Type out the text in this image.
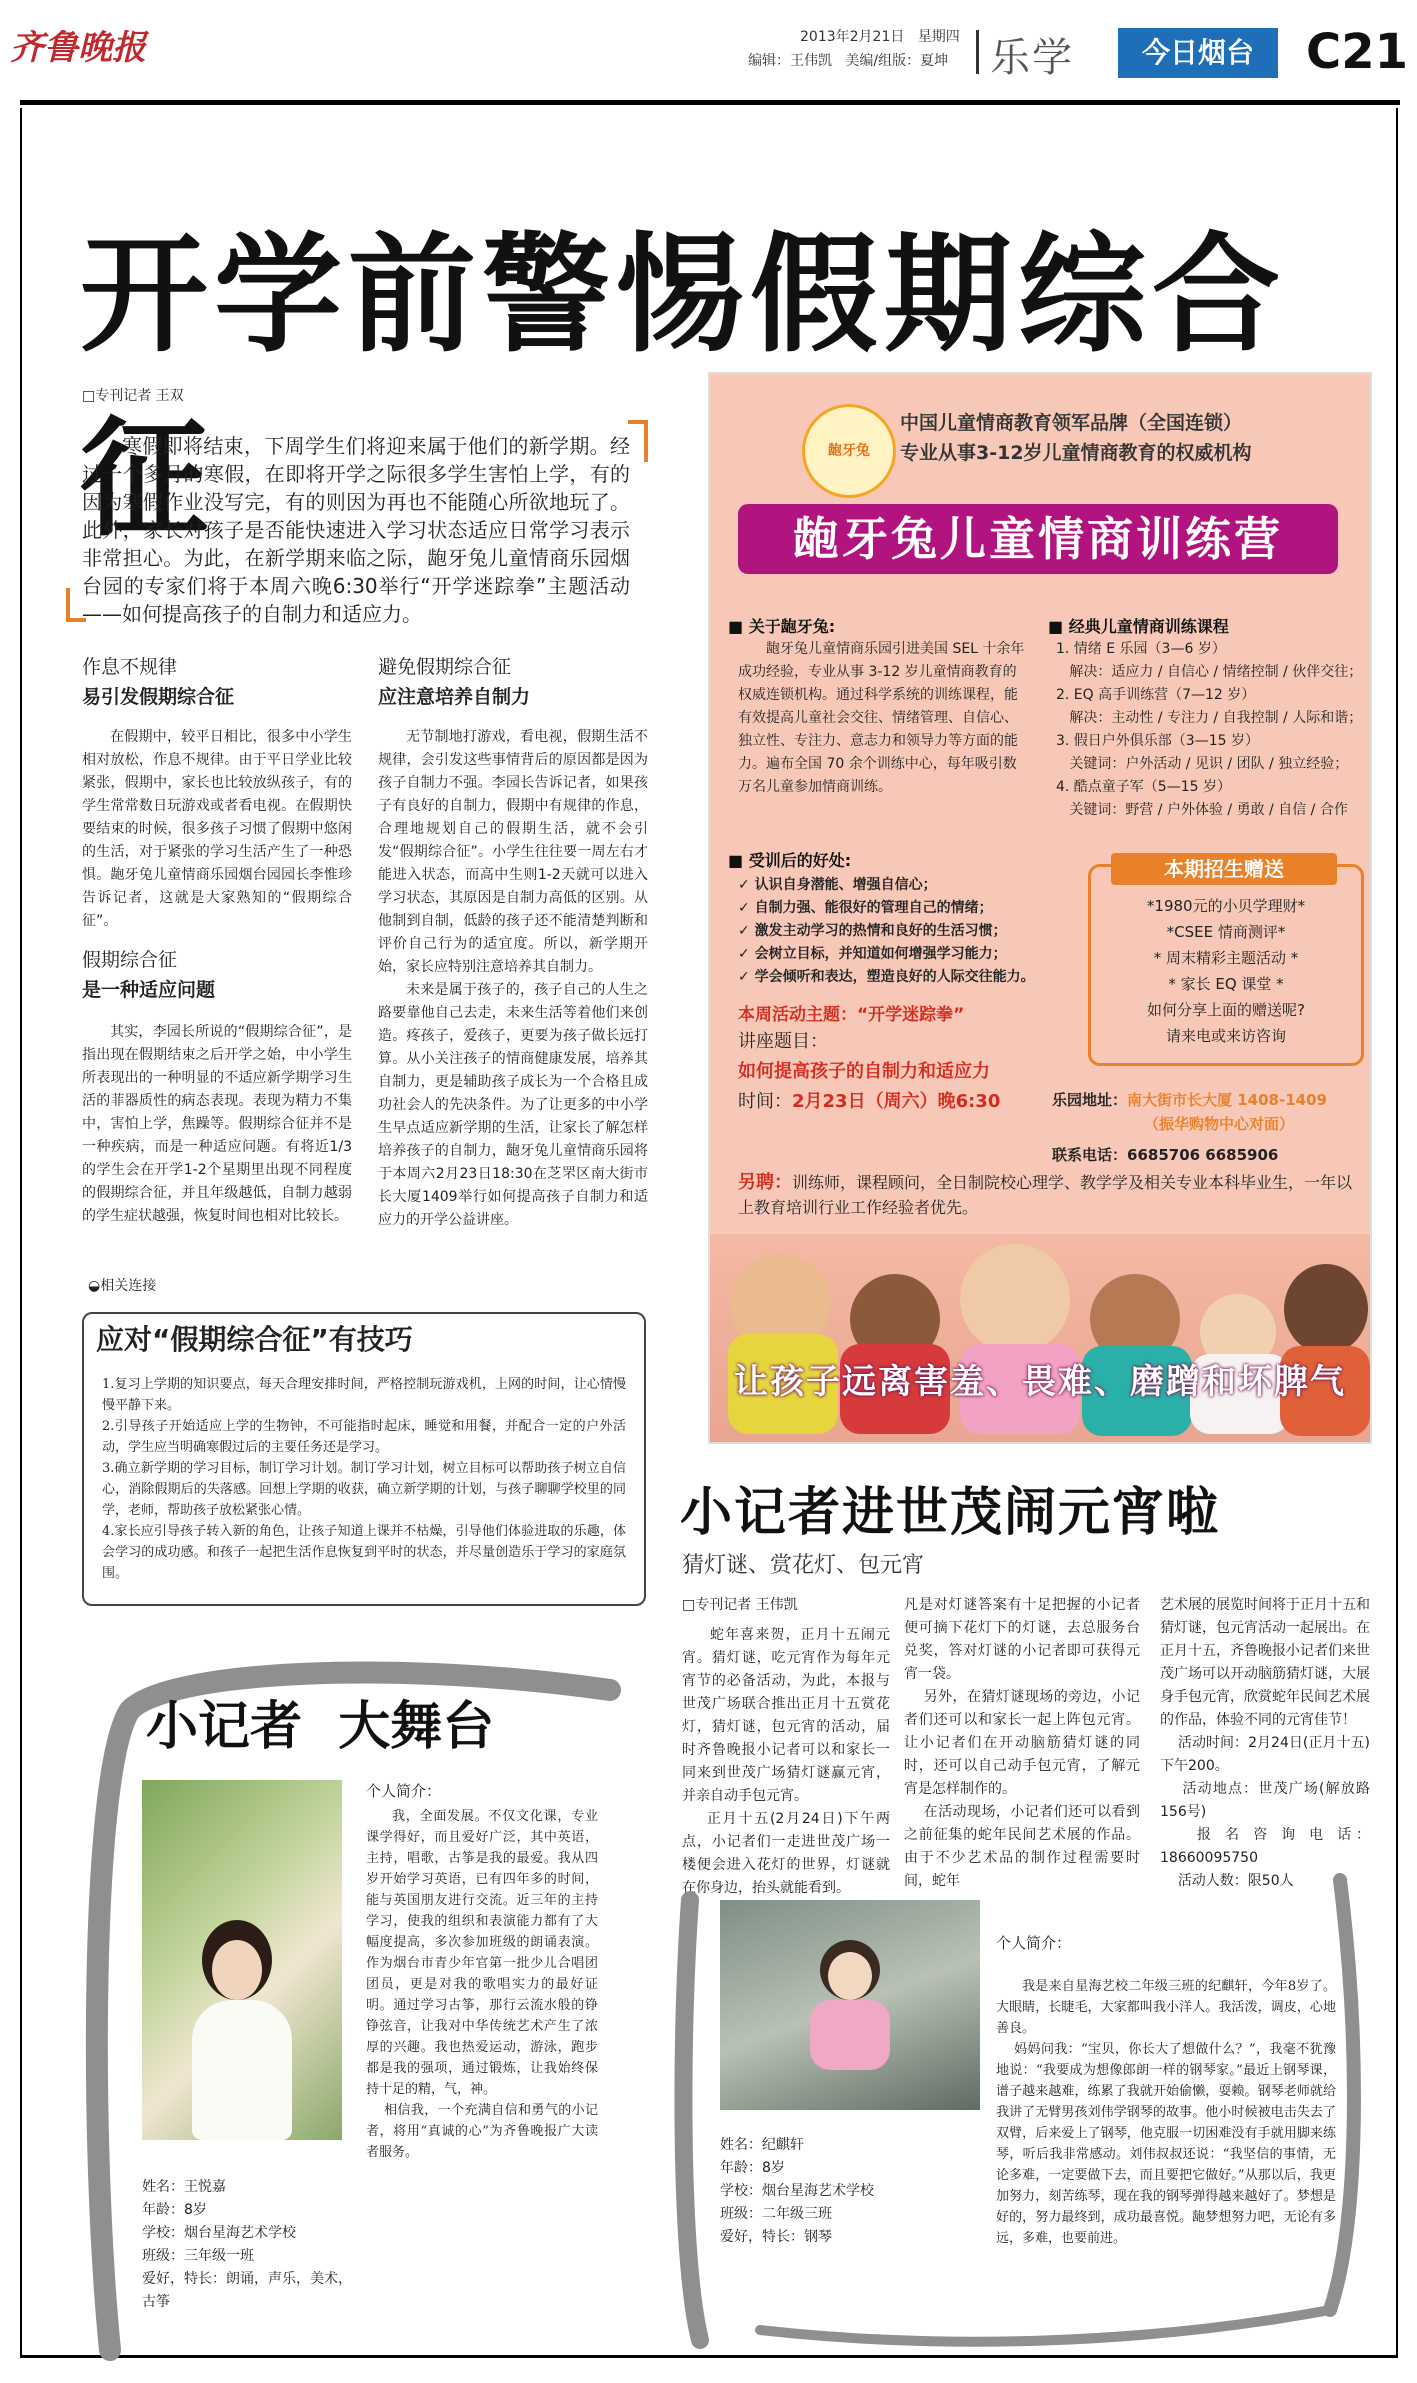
齐鲁晚报	2013年2月21日 星期四
编辑：王伟凯 美编/组版：夏坤 乐学	今日烟台	C21
开学前警惕假期综合征
□专刊记者 王双
寒假即将结束，下周学生们将迎来属于他们的新学期。经过一个多月的寒假，在即将开学之际很多学生害怕上学，有的因为寒假作业没写完，有的则因为再也不能随心所欲地玩了。此外，家长对孩子是否能快速进入学习状态适应日常学习表示非常担心。为此，在新学期来临之际，龅牙兔儿童情商乐园烟台园的专家们将于本周六晚6:30举行“开学迷踪拳”主题活动——如何提高孩子的自制力和适应力。
作息不规律
易引发假期综合征
在假期中，较平日相比，很多中小学生相对放松，作息不规律。由于平日学业比较紧张，假期中，家长也比较放纵孩子，有的学生常常数日玩游戏或者看电视。在假期快要结束的时候，很多孩子习惯了假期中悠闲的生活，对于紧张的学习生活产生了一种恐惧。龅牙兔儿童情商乐园烟台园园长李惟珍告诉记者，这就是大家熟知的“假期综合征”。
假期综合征
是一种适应问题
其实，李园长所说的“假期综合征”，是指出现在假期结束之后开学之始，中小学生所表现出的一种明显的不适应新学期学习生活的菲器质性的病态表现。表现为精力不集中，害怕上学，焦躁等。假期综合征并不是一种疾病，而是一种适应问题。有将近1/3的学生会在开学1-2个星期里出现不同程度的假期综合征，并且年级越低，自制力越弱的学生症状越强，恢复时间也相对比较长。
避免假期综合征
应注意培养自制力
无节制地打游戏，看电视，假期生活不规律，会引发这些事情背后的原因都是因为孩子自制力不强。李园长告诉记者，如果孩子有良好的自制力，假期中有规律的作息，合理地规划自己的假期生活，就不会引发“假期综合征”。小学生往往要一周左右才能进入状态，而高中生则1-2天就可以进入学习状态，其原因是自制力高低的区别。从他制到自制，低龄的孩子还不能清楚判断和评价自己行为的适宜度。所以，新学期开始，家长应特别注意培养其自制力。
未来是属于孩子的，孩子自己的人生之路要靠他自己去走，未来生活等着他们来创造。疼孩子，爱孩子，更要为孩子做长远打算。从小关注孩子的情商健康发展，培养其自制力，更是辅助孩子成长为一个合格且成功社会人的先决条件。为了让更多的中小学生早点适应新学期的生活，让家长了解怎样培养孩子的自制力，龅牙兔儿童情商乐园将于本周六2月23日18:30在芝罘区南大街市长大厦1409举行如何提高孩子自制力和适应力的开学公益讲座。
◒相关连接
应对“假期综合征”有技巧
1.复习上学期的知识要点，每天合理安排时间，严格控制玩游戏机，上网的时间，让心情慢慢平静下来。
2.引导孩子开始适应上学的生物钟，不可能指时起床，睡觉和用餐，并配合一定的户外活动，学生应当明确寒假过后的主要任务还是学习。
3.确立新学期的学习目标，制订学习计划。制订学习计划，树立目标可以帮助孩子树立自信心，消除假期后的失落感。回想上学期的收获，确立新学期的计划，与孩子聊聊学校里的同学，老师，帮助孩子放松紧张心情。
4.家长应引导孩子转入新的角色，让孩子知道上课并不枯燥，引导他们体验进取的乐趣，体会学习的成功感。和孩子一起把生活作息恢复到平时的状态，并尽量创造乐于学习的家庭氛围。
龅牙兔
中国儿童情商教育领军品牌（全国连锁）
专业从事3-12岁儿童情商教育的权威机构
龅牙兔儿童情商训练营
■ 关于龅牙兔:
龅牙兔儿童情商乐园引进美国 SEL 十余年成功经验，专业从事 3-12 岁儿童情商教育的权威连锁机构。通过科学系统的训练课程，能有效提高儿童社会交往、情绪管理、自信心、独立性、专注力、意志力和领导力等方面的能力。遍布全国 70 余个训练中心，每年吸引数万名儿童参加情商训练。
■ 经典儿童情商训练课程
1. 情绪 E 乐园（3—6 岁）
解决：适应力 / 自信心 / 情绪控制 / 伙伴交往；
2. EQ 高手训练营（7—12 岁）
解决：主动性 / 专注力 / 自我控制 / 人际和谐；
3. 假日户外俱乐部（3—15 岁）
关键词：户外活动 / 见识 / 团队 / 独立经验；
4. 酷点童子军（5—15 岁）
关键词：野营 / 户外体验 / 勇敢 / 自信 / 合作
■ 受训后的好处:
✓ 认识自身潜能、增强自信心；
✓ 自制力强、能很好的管理自己的情绪；
✓ 激发主动学习的热情和良好的生活习惯；
✓ 会树立目标，并知道如何增强学习能力；
✓ 学会倾听和表达，塑造良好的人际交往能力。
本期招生赠送
*1980元的小贝学理财*
*CSEE 情商测评*
* 周末精彩主题活动 *
* 家长 EQ 课堂 *
如何分享上面的赠送呢?
请来电或来访咨询
本周活动主题：“开学迷踪拳”
讲座题目：
如何提高孩子的自制力和适应力
时间：2月23日（周六）晚6:30	乐园地址：南大街市长大厦 1408-1409
（振华购物中心对面）
联系电话：6685706 6685906
另聘：训练师，课程顾问，全日制院校心理学、教学学及相关专业本科毕业生，一年以上教育培训行业工作经验者优先。
让孩子远离害羞、畏难、磨蹭和坏脾气
小记者进世茂闹元宵啦
猜灯谜、赏花灯、包元宵
□专刊记者 王伟凯
蛇年喜来贺，正月十五闹元宵。猜灯谜，吃元宵作为每年元宵节的必备活动，为此，本报与世茂广场联合推出正月十五赏花灯，猜灯谜，包元宵的活动，届时齐鲁晚报小记者可以和家长一同来到世茂广场猜灯谜赢元宵，并亲自动手包元宵。
正月十五(2月24日)下午两点，小记者们一走进世茂广场一楼便会进入花灯的世界，灯谜就在你身边，抬头就能看到。
凡是对灯谜答案有十足把握的小记者便可摘下花灯下的灯谜，去总服务台兑奖，答对灯谜的小记者即可获得元宵一袋。
另外，在猜灯谜现场的旁边，小记者们还可以和家长一起上阵包元宵。让小记者们在开动脑筋猜灯谜的同时，还可以自己动手包元宵，了解元宵是怎样制作的。
在活动现场，小记者们还可以看到之前征集的蛇年民间艺术展的作品。由于不少艺术品的制作过程需要时间，蛇年
艺术展的展览时间将于正月十五和猜灯谜，包元宵活动一起展出。在正月十五，齐鲁晚报小记者们来世茂广场可以开动脑筋猜灯谜，大展身手包元宵，欣赏蛇年民间艺术展的作品，体验不同的元宵佳节！
活动时间：2月24日(正月十五)下午200。
活动地点：世茂广场(解放路156号)
报 名 咨 询 电 话：18660095750
活动人数：限50人
小记者  大舞台
姓名：王悦嘉
年龄：8岁
学校：烟台星海艺术学校
班级：三年级一班
爱好，特长：朗诵，声乐，美术，古筝
个人简介：
我，全面发展。不仅文化课，专业课学得好，而且爱好广泛，其中英语，主持，唱歌，古筝是我的最爱。我从四岁开始学习英语，已有四年多的时间，能与英国朋友进行交流。近三年的主持学习，使我的组织和表演能力都有了大幅度提高，多次参加班级的朗诵表演。作为烟台市青少年官第一批少儿合唱团团员，更是对我的歌唱实力的最好证明。通过学习古筝，那行云流水般的铮铮弦音，让我对中华传统艺术产生了浓厚的兴趣。我也热爱运动，游泳，跑步都是我的强项，通过锻炼，让我始终保持十足的精，气，神。
相信我，一个充满自信和勇气的小记者，将用“真诚的心”为齐鲁晚报广大读者服务。	姓名：纪麒轩
年龄：8岁
学校：烟台星海艺术学校
班级：二年级三班
爱好，特长：钢琴
个人简介：
我是来自星海艺校二年级三班的纪麒轩，今年8岁了。大眼睛，长睫毛，大家都叫我小洋人。我活泼，调皮，心地善良。
妈妈问我：“宝贝，你长大了想做什么？”，我毫不犹豫地说：“我要成为想像郎朗一样的钢琴家。”最近上钢琴课，谱子越来越难，练累了我就开始偷懒，耍赖。钢琴老师就给我讲了无臂男孩刘伟学钢琴的故事。他小时候被电击失去了双臂，后来爱上了钢琴，他克服一切困难没有手就用脚来练琴，听后我非常感动。刘伟叔叔还说：“我坚信的事情，无论多难，一定要做下去，而且要把它做好。”从那以后，我更加努力，刻苦练琴，现在我的钢琴弹得越来越好了。梦想是好的，努力最终到，成功最喜悦。龅梦想努力吧，无论有多远，多难，也要前进。
